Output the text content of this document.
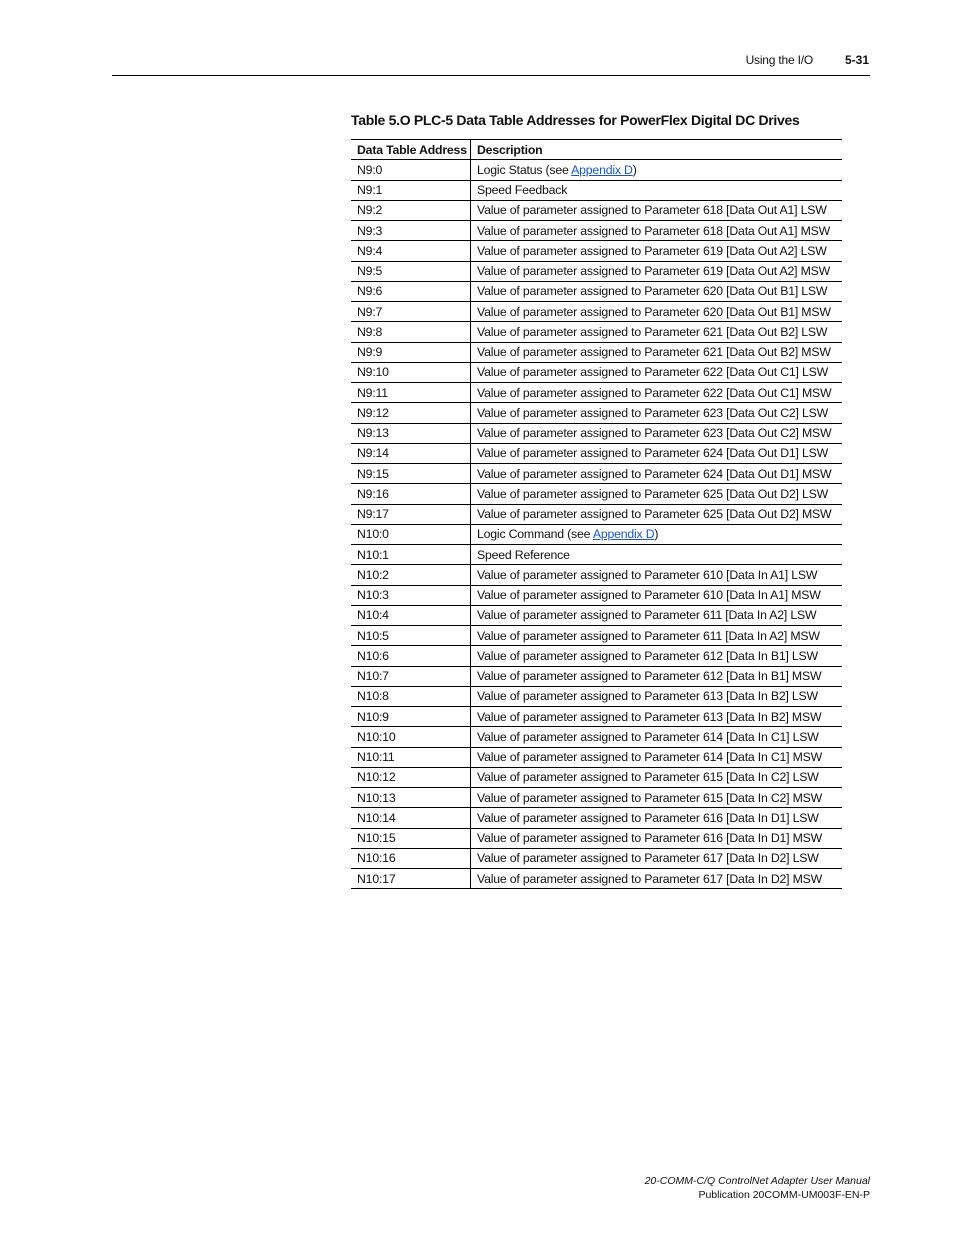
Using the I/O	5-31
Table 5.O PLC-5 Data Table Addresses for PowerFlex Digital DC Drives
Data Table Address	Description
N9:0	Logic Status (see Appendix D)
N9:1	Speed Feedback
N9:2	Value of parameter assigned to Parameter 618 [Data Out A1] LSW
N9:3	Value of parameter assigned to Parameter 618 [Data Out A1] MSW
N9:4	Value of parameter assigned to Parameter 619 [Data Out A2] LSW
N9:5	Value of parameter assigned to Parameter 619 [Data Out A2] MSW
N9:6	Value of parameter assigned to Parameter 620 [Data Out B1] LSW
N9:7	Value of parameter assigned to Parameter 620 [Data Out B1] MSW
N9:8	Value of parameter assigned to Parameter 621 [Data Out B2] LSW
N9:9	Value of parameter assigned to Parameter 621 [Data Out B2] MSW
N9:10	Value of parameter assigned to Parameter 622 [Data Out C1] LSW
N9:11	Value of parameter assigned to Parameter 622 [Data Out C1] MSW
N9:12	Value of parameter assigned to Parameter 623 [Data Out C2] LSW
N9:13	Value of parameter assigned to Parameter 623 [Data Out C2] MSW
N9:14	Value of parameter assigned to Parameter 624 [Data Out D1] LSW
N9:15	Value of parameter assigned to Parameter 624 [Data Out D1] MSW
N9:16	Value of parameter assigned to Parameter 625 [Data Out D2] LSW
N9:17	Value of parameter assigned to Parameter 625 [Data Out D2] MSW
N10:0	Logic Command (see Appendix D)
N10:1	Speed Reference
N10:2	Value of parameter assigned to Parameter 610 [Data In A1] LSW
N10:3	Value of parameter assigned to Parameter 610 [Data In A1] MSW
N10:4	Value of parameter assigned to Parameter 611 [Data In A2] LSW
N10:5	Value of parameter assigned to Parameter 611 [Data In A2] MSW
N10:6	Value of parameter assigned to Parameter 612 [Data In B1] LSW
N10:7	Value of parameter assigned to Parameter 612 [Data In B1] MSW
N10:8	Value of parameter assigned to Parameter 613 [Data In B2] LSW
N10:9	Value of parameter assigned to Parameter 613 [Data In B2] MSW
N10:10	Value of parameter assigned to Parameter 614 [Data In C1] LSW
N10:11	Value of parameter assigned to Parameter 614 [Data In C1] MSW
N10:12	Value of parameter assigned to Parameter 615 [Data In C2] LSW
N10:13	Value of parameter assigned to Parameter 615 [Data In C2] MSW
N10:14	Value of parameter assigned to Parameter 616 [Data In D1] LSW
N10:15	Value of parameter assigned to Parameter 616 [Data In D1] MSW
N10:16	Value of parameter assigned to Parameter 617 [Data In D2] LSW
N10:17	Value of parameter assigned to Parameter 617 [Data In D2] MSW
20-COMM-C/Q ControlNet Adapter User Manual
Publication 20COMM-UM003F-EN-P
